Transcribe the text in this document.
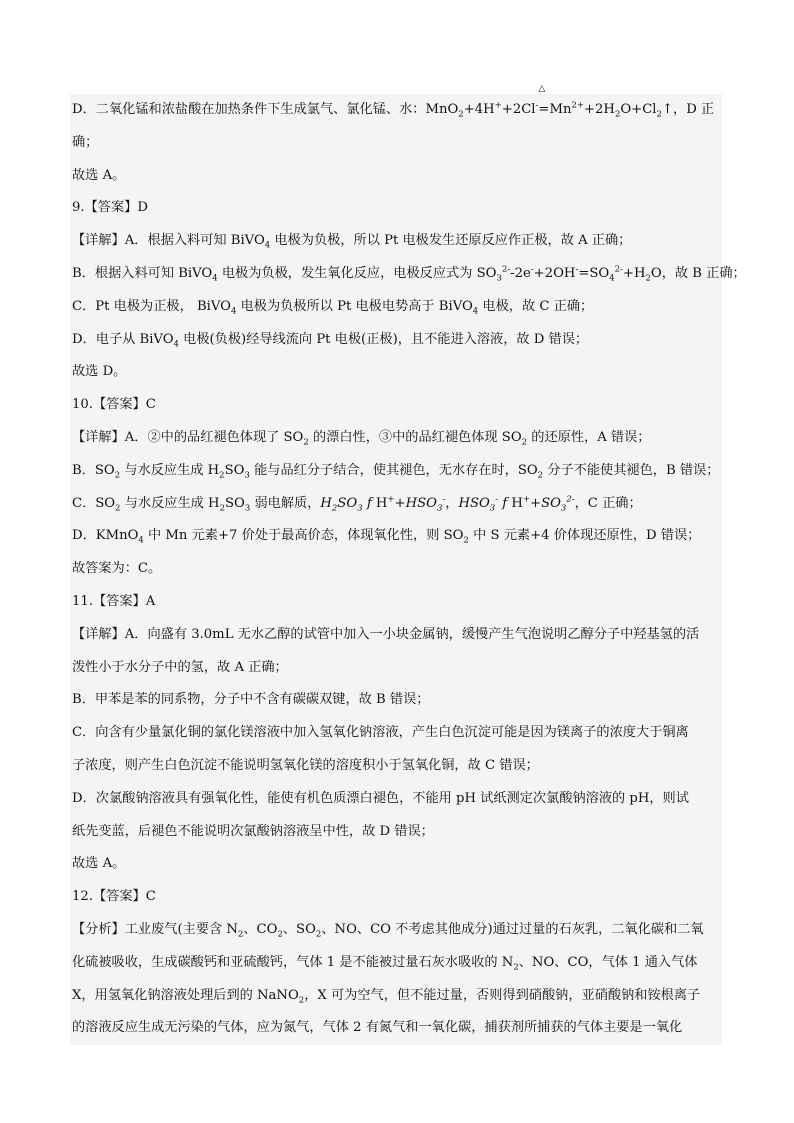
D．二氧化锰和浓盐酸在加热条件下生成氯气、氯化锰、水：MnO$_2$+4H++2Cl-
△
$=Mn^{2+}+2H_2O+Cl_2↑$，D 正
确；
故选 A。
9.【答案】D
【详解】A．根据入料可知 BiVO$_4$ 电极为负极，所以 Pt 电极发生还原反应作正极，故 A 正确；
B．根据入料可知 BiVO$_4$ 电极为负极，发生氧化反应，电极反应式为 $SO_3^{2-}-2e^-+2OH^-=SO_4^{2-}+H_2O$，故 B 正确；
C．Pt 电极为正极， BiVO$_4$ 电极为负极所以 Pt 电极电势高于 BiVO$_4$ 电极，故 C 正确；
D．电子从 BiVO$_4$ 电极(负极)经导线流向 Pt 电极(正极)，且不能进入溶液，故 D 错误；
故选 D。
10.【答案】C
【详解】A．②中的品红褪色体现了 $SO_2$ 的漂白性，③中的品红褪色体现 $SO_2$ 的还原性，A 错误；
B．$SO_2$ 与水反应生成 $H_2SO_3$ 能与品红分子结合，使其褪色，无水存在时，$SO_2$ 分子不能使其褪色，B 错误；
C．$SO_2$ 与水反应生成 $H_2SO_3$ 弱电解质，$H_2SO_3$ f $H^++HSO_3^-$，$HSO_3^-$ f $H^++SO_3^{2-}$，C 正确；
D．KMnO$_4$ 中 Mn 元素+7 价处于最高价态，体现氧化性，则 $SO_2$ 中 S 元素+4 价体现还原性，D 错误；
故答案为：C。
11.【答案】A
【详解】A．向盛有 3.0mL 无水乙醇的试管中加入一小块金属钠，缓慢产生气泡说明乙醇分子中羟基氢的活
泼性小于水分子中的氢，故 A 正确；
B．甲苯是苯的同系物，分子中不含有碳碳双键，故 B 错误；
C．向含有少量氯化铜的氯化镁溶液中加入氢氧化钠溶液，产生白色沉淀可能是因为镁离子的浓度大于铜离
子浓度，则产生白色沉淀不能说明氢氧化镁的溶度积小于氢氧化铜，故 C 错误；
D．次氯酸钠溶液具有强氧化性，能使有机色质漂白褪色，不能用 pH 试纸测定次氯酸钠溶液的 pH，则试
纸先变蓝，后褪色不能说明次氯酸钠溶液呈中性，故 D 错误；
故选 A。
12.【答案】C
【分析】工业废气(主要含 $N_2$、$CO_2$、$SO_2$、NO、CO 不考虑其他成分)通过过量的石灰乳，二氧化碳和二氧
化硫被吸收，生成碳酸钙和亚硫酸钙，气体 1 是不能被过量石灰水吸收的 $N_2$、NO、CO，气体 1 通入气体
X，用氢氧化钠溶液处理后到的 NaNO$_2$，X 可为空气，但不能过量，否则得到硝酸钠，亚硝酸钠和铵根离子
的溶液反应生成无污染的气体，应为氮气，气体 2 有氮气和一氧化碳，捕获剂所捕获的气体主要是一氧化
